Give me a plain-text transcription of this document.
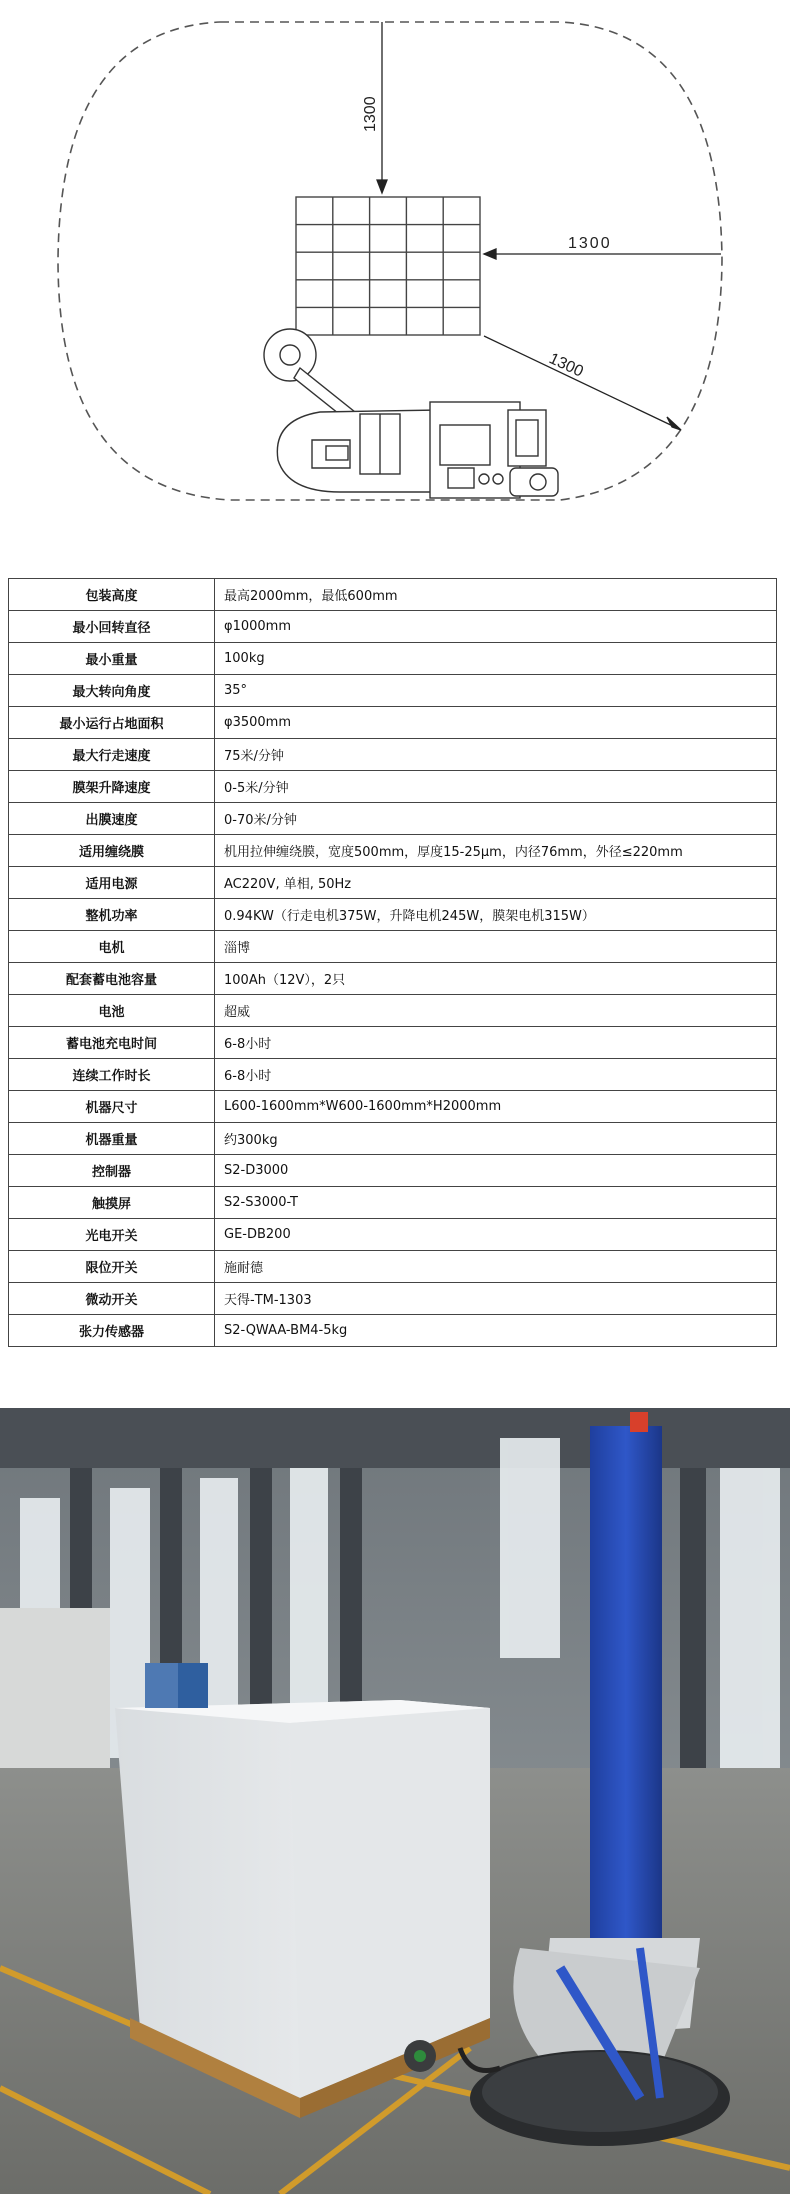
1300
1300
1300
包装高度	最高2000mm，最低600mm
最小回转直径	φ1000mm
最小重量	100kg
最大转向角度	35°
最小运行占地面积	φ3500mm
最大行走速度	75米/分钟
膜架升降速度	0-5米/分钟
出膜速度	0-70米/分钟
适用缠绕膜	机用拉伸缠绕膜，宽度500mm，厚度15-25μm，内径76mm，外径≤220mm
适用电源	AC220V, 单相, 50Hz
整机功率	0.94KW（行走电机375W，升降电机245W，膜架电机315W）
电机	淄博
配套蓄电池容量	100Ah（12V），2只
电池	超威
蓄电池充电时间	6-8小时
连续工作时长	6-8小时
机器尺寸	L600-1600mm*W600-1600mm*H2000mm
机器重量	约300kg
控制器	S2-D3000
触摸屏	S2-S3000-T
光电开关	GE-DB200
限位开关	施耐德
微动开关	天得-TM-1303
张力传感器	S2-QWAA-BM4-5kg
